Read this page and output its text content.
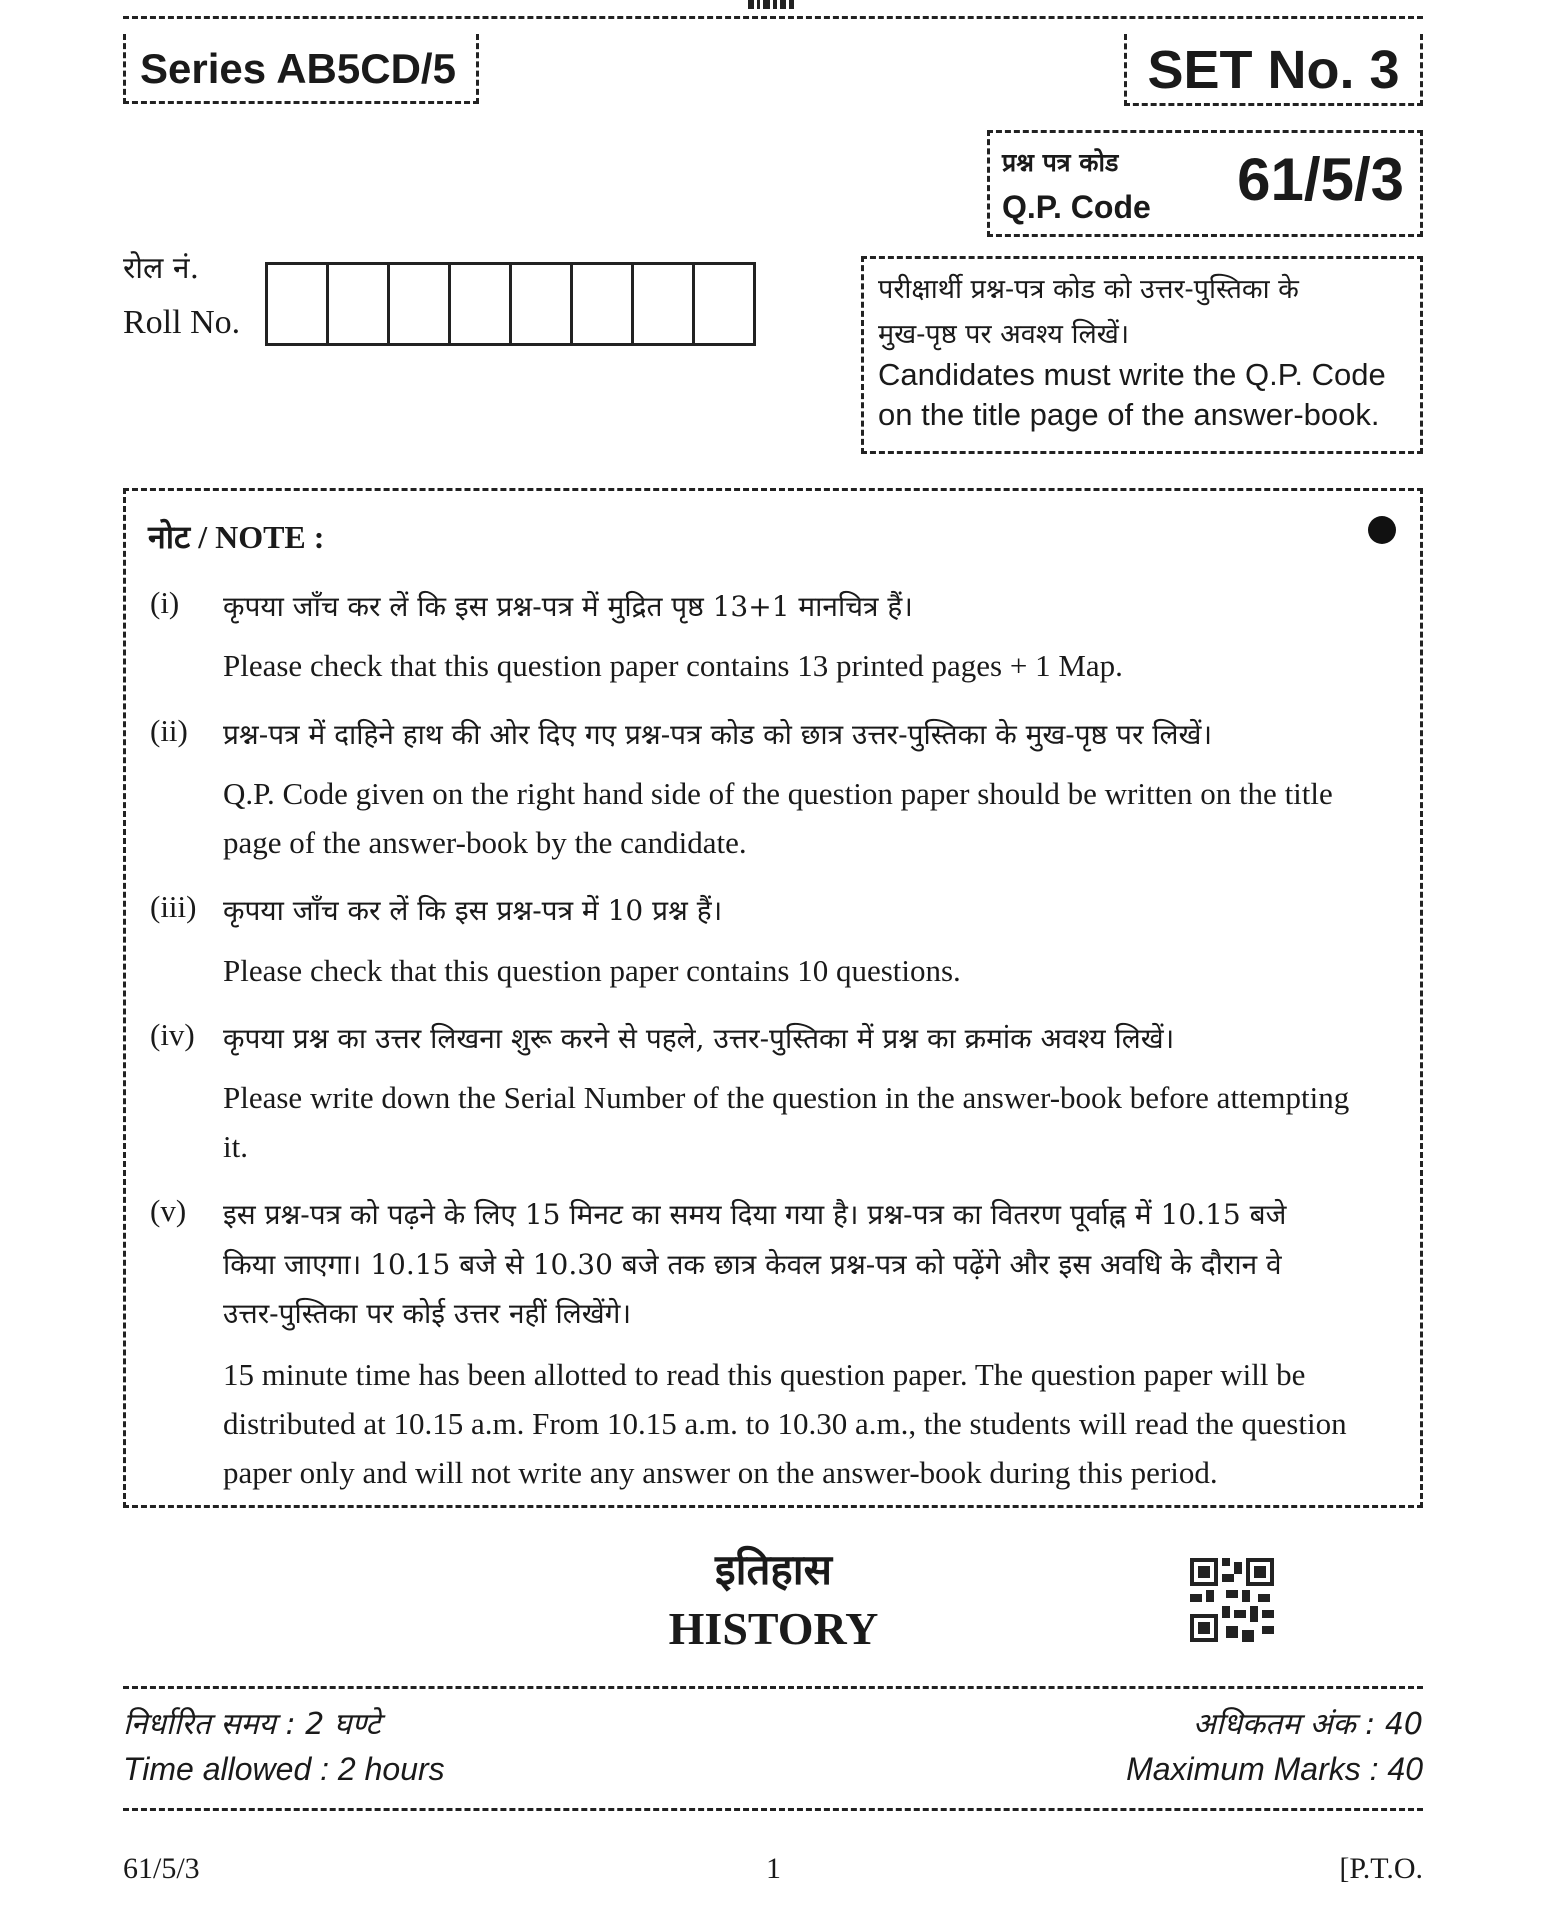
Series AB5CD/5	SET No. 3
प्रश्न पत्र कोड
Q.P. Code 61/5/3
रोल नं.
Roll No.
परीक्षार्थी प्रश्न-पत्र कोड को उत्तर-पुस्तिका के
मुख-पृष्ठ पर अवश्य लिखें।
Candidates must write the Q.P. Code
on the title page of the answer-book.
नोट / NOTE :
(i) कृपया जाँच कर लें कि इस प्रश्न-पत्र में मुद्रित पृष्ठ 13+1 मानचित्र हैं।
Please check that this question paper contains 13 printed pages + 1 Map.
(ii) प्रश्न-पत्र में दाहिने हाथ की ओर दिए गए प्रश्न-पत्र कोड को छात्र उत्तर-पुस्तिका के मुख-पृष्ठ पर लिखें।
Q.P. Code given on the right hand side of the question paper should be written on the title
page of the answer-book by the candidate.
(iii) कृपया जाँच कर लें कि इस प्रश्न-पत्र में 10 प्रश्न हैं।
Please check that this question paper contains 10 questions.
(iv) कृपया प्रश्न का उत्तर लिखना शुरू करने से पहले, उत्तर-पुस्तिका में प्रश्न का क्रमांक अवश्य लिखें।
Please write down the Serial Number of the question in the answer-book before attempting
it.
(v) इस प्रश्न-पत्र को पढ़ने के लिए 15 मिनट का समय दिया गया है। प्रश्न-पत्र का वितरण पूर्वाह्न में 10.15 बजे
किया जाएगा। 10.15 बजे से 10.30 बजे तक छात्र केवल प्रश्न-पत्र को पढ़ेंगे और इस अवधि के दौरान वे
उत्तर-पुस्तिका पर कोई उत्तर नहीं लिखेंगे।
15 minute time has been allotted to read this question paper. The question paper will be
distributed at 10.15 a.m. From 10.15 a.m. to 10.30 a.m., the students will read the question
paper only and will not write any answer on the answer-book during this period.
इतिहास
HISTORY
निर्धारित समय : 2 घण्टे
Time allowed : 2 hours
अधिकतम अंक : 40
Maximum Marks : 40
61/5/3	1	[P.T.O.
